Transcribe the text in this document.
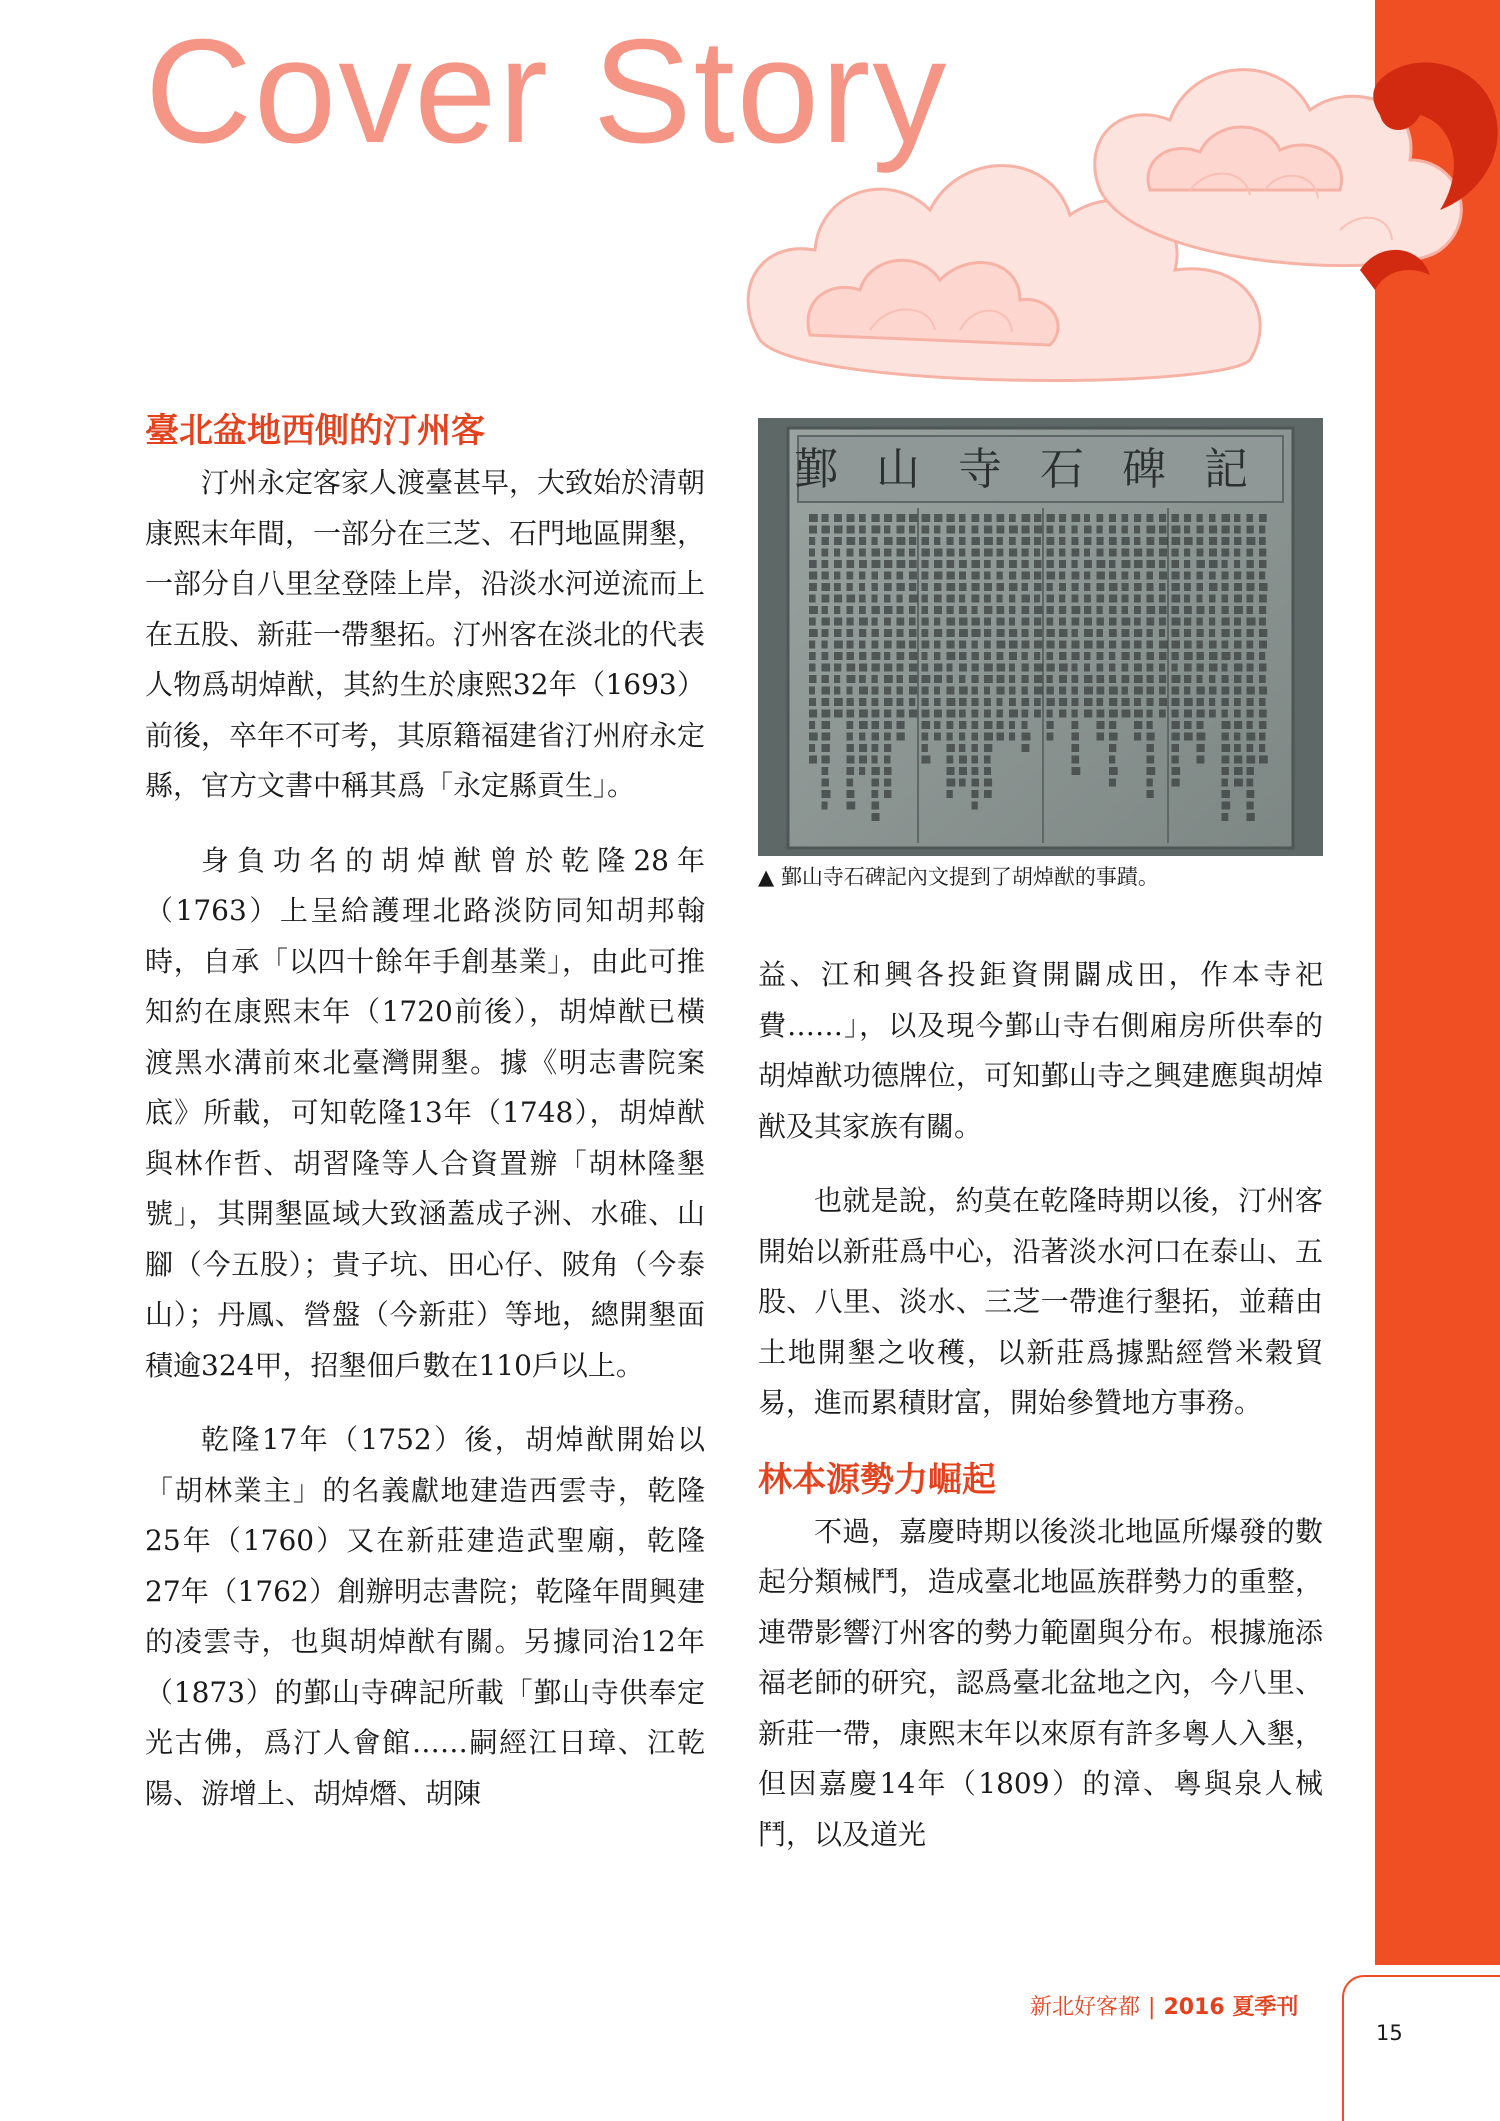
Cover Story
臺北盆地西側的汀州客

汀州永定客家人渡臺甚早，大致始於清朝康熙末年間，一部分在三芝、石門地區開墾，一部分自八里坌登陸上岸，沿淡水河逆流而上在五股、新莊一帶墾拓。汀州客在淡北的代表人物爲胡焯猷，其約生於康熙32年（1693）前後，卒年不可考，其原籍福建省汀州府永定縣，官方文書中稱其爲「永定縣貢生」。

身負功名的胡焯猷曾於乾隆28年（1763）上呈給護理北路淡防同知胡邦翰時，自承「以四十餘年手創基業」，由此可推知約在康熙末年（1720前後），胡焯猷已橫渡黑水溝前來北臺灣開墾。據《明志書院案底》所載，可知乾隆13年（1748），胡焯猷與林作哲、胡習隆等人合資置辦「胡林隆墾號」，其開墾區域大致涵蓋成子洲、水碓、山腳（今五股）；貴子坑、田心仔、陂角（今泰山）；丹鳳、營盤（今新莊）等地，總開墾面積逾324甲，招墾佃戶數在110戶以上。

乾隆17年（1752）後，胡焯猷開始以「胡林業主」的名義獻地建造西雲寺，乾隆25年（1760）又在新莊建造武聖廟，乾隆27年（1762）創辦明志書院；乾隆年間興建的凌雲寺，也與胡焯猷有關。另據同治12年（1873）的鄞山寺碑記所載「鄞山寺供奉定光古佛，爲汀人會館……嗣經江日璋、江乾陽、游增上、胡焯熸、胡陳

鄞山寺石碑記
▲ 鄞山寺石碑記內文提到了胡焯猷的事蹟。

益、江和興各投鉅資開闢成田，作本寺祀費……」，以及現今鄞山寺右側廂房所供奉的胡焯猷功德牌位，可知鄞山寺之興建應與胡焯猷及其家族有關。

也就是說，約莫在乾隆時期以後，汀州客開始以新莊爲中心，沿著淡水河口在泰山、五股、八里、淡水、三芝一帶進行墾拓，並藉由土地開墾之收穫，以新莊爲據點經營米穀貿易，進而累積財富，開始參贊地方事務。

林本源勢力崛起

不過，嘉慶時期以後淡北地區所爆發的數起分類械鬥，造成臺北地區族群勢力的重整，連帶影響汀州客的勢力範圍與分布。根據施添福老師的研究，認爲臺北盆地之內，今八里、新莊一帶，康熙末年以來原有許多粵人入墾，但因嘉慶14年（1809）的漳、粵與泉人械鬥，以及道光

新北好客都 | 2016 夏季刊
15
